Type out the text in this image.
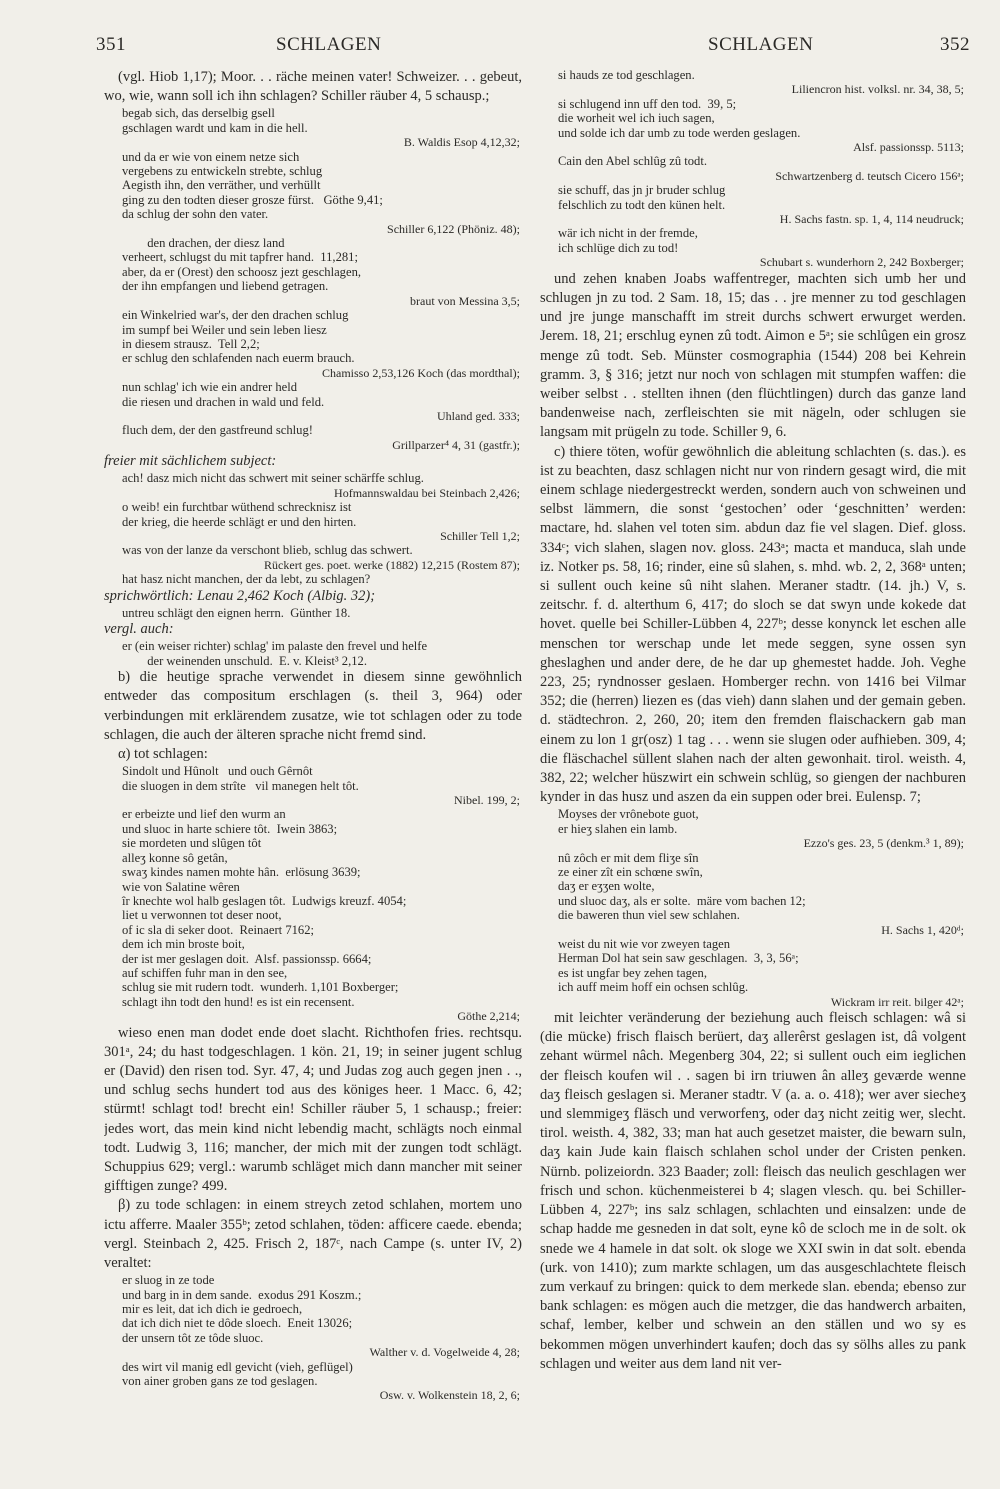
351	SCHLAGEN	SCHLAGEN	352

(vgl. Hiob 1,17); Moor. . . räche meinen vater! Schweizer. . . gebeut, wo, wie, wann soll ich ihn schlagen? Schiller räuber 4, 5 schausp.;

begab sich, das derselbig gsell
gschlagen wardt und kam in die hell.
B. Waldis Esop 4,12,32;
und da er wie von einem netze sich
vergebens zu entwickeln strebte, schlug
Aegisth ihn, den verräther, und verhüllt
ging zu den todten dieser grosze fürst.   Göthe 9,41;
da schlug der sohn den vater.
Schiller 6,122 (Phöniz. 48);
den drachen, der diesz land
verheert, schlugst du mit tapfrer hand.  11,281;
aber, da er (Orest) den schoosz jezt geschlagen,
der ihn empfangen und liebend getragen.
braut von Messina 3,5;
ein Winkelried war's, der den drachen schlug
im sumpf bei Weiler und sein leben liesz
in diesem strausz.  Tell 2,2;
er schlug den schlafenden nach euerm brauch.
Chamisso 2,53,126 Koch (das mordthal);
nun schlag' ich wie ein andrer held
die riesen und drachen in wald und feld.
Uhland ged. 333;
fluch dem, der den gastfreund schlug!
Grillparzer⁴ 4, 31 (gastfr.);
freier mit sächlichem subject:
ach! dasz mich nicht das schwert mit seiner schärffe schlug.
Hofmannswaldau bei Steinbach 2,426;
o weib! ein furchtbar wüthend schrecknisz ist
der krieg, die heerde schlägt er und den hirten.
Schiller Tell 1,2;
was von der lanze da verschont blieb, schlug das schwert.
Rückert ges. poet. werke (1882) 12,215 (Rostem 87);
hat hasz nicht manchen, der da lebt, zu schlagen?
sprichwörtlich: Lenau 2,462 Koch (Albig. 32);
untreu schlägt den eignen herrn.  Günther 18.
vergl. auch:
er (ein weiser richter) schlag' im palaste den frevel und helfe
der weinenden unschuld.  E. v. Kleist³ 2,12.

b) die heutige sprache verwendet in diesem sinne gewöhnlich entweder das compositum erschlagen (s. theil 3, 964) oder verbindungen mit erklärendem zusatze, wie tot schlagen oder zu tode schlagen, die auch der älteren sprache nicht fremd sind.

α) tot schlagen:

Sindolt und Hûnolt   und ouch Gêrnôt
die sluogen in dem strîte   vil manegen helt tôt.
Nibel. 199, 2;
er erbeizte und lief den wurm an
und sluoc in harte schiere tôt.  Iwein 3863;
sie mordeten und slûgen tôt
alleʒ konne sô getân,
swaʒ kindes namen mohte hân.  erlösung 3639;
wie von Salatine wêren
îr knechte wol halb geslagen tôt.  Ludwigs kreuzf. 4054;
liet u verwonnen tot deser noot,
of ic sla di seker doot.  Reinaert 7162;
dem ich min broste boit,
der ist mer geslagen doit.  Alsf. passionssp. 6664;
auf schiffen fuhr man in den see,
schlug sie mit rudern todt.  wunderh. 1,101 Boxberger;
schlagt ihn todt den hund! es ist ein recensent.
Göthe 2,214;

wieso enen man dodet ende doet slacht. Richthofen fries. rechtsqu. 301ᵃ, 24; du hast todgeschlagen. 1 kön. 21, 19; in seiner jugent schlug er (David) den risen tod. Syr. 47, 4; und Judas zog auch gegen jnen . ., und schlug sechs hundert tod aus des königes heer. 1 Macc. 6, 42; stürmt! schlagt tod! brecht ein! Schiller räuber 5, 1 schausp.; freier: jedes wort, das mein kind nicht lebendig macht, schlägts noch einmal todt. Ludwig 3, 116; mancher, der mich mit der zungen todt schlägt. Schuppius 629; vergl.: warumb schläget mich dann mancher mit seiner gifftigen zunge? 499.

β) zu tode schlagen: in einem streych zetod schlahen, mortem uno ictu afferre. Maaler 355ᵇ; zetod schlahen, töden: afficere caede. ebenda; vergl. Steinbach 2, 425. Frisch 2, 187ᶜ, nach Campe (s. unter IV, 2) veraltet:

er sluog in ze tode
und barg in in dem sande.  exodus 291 Koszm.;
mir es leit, dat ich dich ie gedroech,
dat ich dich niet te dôde sloech.  Eneit 13026;
der unsern tôt ze tôde sluoc.
Walther v. d. Vogelweide 4, 28;
des wirt vil manig edl gevicht (vieh, geflügel)
von ainer groben gans ze tod geslagen.
Osw. v. Wolkenstein 18, 2, 6;
si hauds ze tod geschlagen.
Liliencron hist. volksl. nr. 34, 38, 5;
si schlugend inn uff den tod.  39, 5;
die worheit wel ich iuch sagen,
und solde ich dar umb zu tode werden geslagen.
Alsf. passionssp. 5113;
Cain den Abel schlûg zû todt.
Schwartzenberg d. teutsch Cicero 156ᵃ;
sie schuff, das jn jr bruder schlug
felschlich zu todt den künen helt.
H. Sachs fastn. sp. 1, 4, 114 neudruck;
wär ich nicht in der fremde,
ich schlüge dich zu tod!
Schubart s. wunderhorn 2, 242 Boxberger;

und zehen knaben Joabs waffentreger, machten sich umb her und schlugen jn zu tod. 2 Sam. 18, 15; das . . jre menner zu tod geschlagen und jre junge manschafft im streit durchs schwert erwurget werden. Jerem. 18, 21; erschlug eynen zû todt. Aimon e 5ᵃ; sie schlûgen ein grosz menge zû todt. Seb. Münster cosmographia (1544) 208 bei Kehrein gramm. 3, § 316; jetzt nur noch von schlagen mit stumpfen waffen: die weiber selbst . . stellten ihnen (den flüchtlingen) durch das ganze land bandenweise nach, zerfleischten sie mit nägeln, oder schlugen sie langsam mit prügeln zu tode. Schiller 9, 6.

c) thiere töten, wofür gewöhnlich die ableitung schlachten (s. das.). es ist zu beachten, dasz schlagen nicht nur von rindern gesagt wird, die mit einem schlage niedergestreckt werden, sondern auch von schweinen und selbst lämmern, die sonst ‘gestochen’ oder ‘geschnitten’ werden: mactare, hd. slahen vel toten sim. abdun daz fie vel slagen. Dief. gloss. 334ᶜ; vich slahen, slagen nov. gloss. 243ᵃ; macta et manduca, slah unde iz. Notker ps. 58, 16; rinder, eine sû slahen, s. mhd. wb. 2, 2, 368ᵃ unten; si sullent ouch keine sû niht slahen. Meraner stadtr. (14. jh.) V, s. zeitschr. f. d. alterthum 6, 417; do sloch se dat swyn unde kokede dat hovet. quelle bei Schiller-Lübben 4, 227ᵇ; desse konynck let eschen alle menschen tor werschap unde let mede seggen, syne ossen syn gheslaghen und ander dere, de he dar up ghemestet hadde. Joh. Veghe 223, 25; ryndnosser geslaen. Homberger rechn. von 1416 bei Vilmar 352; die (herren) liezen es (das vieh) dann slahen und der gemain geben. d. städtechron. 2, 260, 20; item den fremden flaischackern gab man einem zu lon 1 gr(osz) 1 tag . . . wenn sie slugen oder aufhieben. 309, 4; die fläschachel süllent slahen nach der alten gewonhait. tirol. weisth. 4, 382, 22; welcher hüszwirt ein schwein schlüg, so giengen der nachburen kynder in das husz und aszen da ein suppen oder brei. Eulensp. 7;

Moyses der vrônebote guot,
er hieʒ slahen ein lamb.
Ezzo's ges. 23, 5 (denkm.³ 1, 89);
nû zôch er mit dem fliʒe sîn
ze einer zît ein schœne swîn,
daʒ er eʒʒen wolte,
und sluoc daʒ, als er solte.  märe vom bachen 12;
die baweren thun viel sew schlahen.
H. Sachs 1, 420ᵈ;
weist du nit wie vor zweyen tagen
Herman Dol hat sein saw geschlagen.  3, 3, 56ᵃ;
es ist ungfar bey zehen tagen,
ich auff meim hoff ein ochsen schlûg.
Wickram irr reit. bilger 42ᵃ;

mit leichter veränderung der beziehung auch fleisch schlagen: wâ si (die mücke) frisch flaisch berüert, daʒ allerêrst geslagen ist, dâ volgent zehant würmel nâch. Megenberg 304, 22; si sullent ouch eim ieglichen der fleisch koufen wil . . sagen bi irn triuwen ân alleʒ geværde wenne daʒ fleisch geslagen si. Meraner stadtr. V (a. a. o. 418); wer aver siecheʒ und slemmigeʒ fläsch und verworfenʒ, oder daʒ nicht zeitig wer, slecht. tirol. weisth. 4, 382, 33; man hat auch gesetzet maister, die bewarn suln, daʒ kain Jude kain flaisch schlahen schol under der Cristen penken. Nürnb. polizeiordn. 323 Baader; zoll: fleisch das neulich geschlagen wer frisch und schon. küchenmeisterei b 4; slagen vlesch. qu. bei Schiller-Lübben 4, 227ᵇ; ins salz schlagen, schlachten und einsalzen: unde de schap hadde me gesneden in dat solt, eyne kô de scloch me in de solt. ok snede we 4 hamele in dat solt. ok sloge we XXI swin in dat solt. ebenda (urk. von 1410); zum markte schlagen, um das ausgeschlachtete fleisch zum verkauf zu bringen: quick to dem merkede slan. ebenda; ebenso zur bank schlagen: es mögen auch die metzger, die das handwerch arbaiten, schaf, lember, kelber und schwein an den ställen und wo sy es bekommen mögen unverhindert kaufen; doch das sy sölhs alles zu pank schlagen und weiter aus dem land nit ver-
